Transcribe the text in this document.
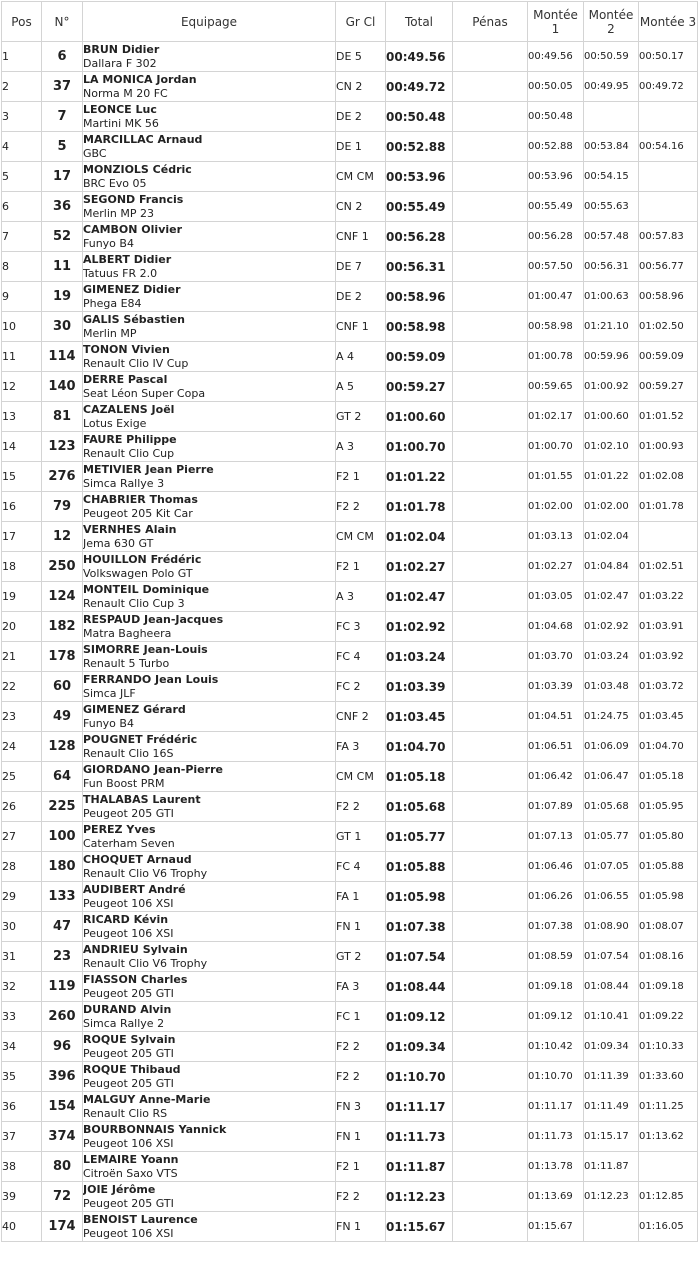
Pos	N°	Equipage	Gr Cl	Total	Pénas	Montée 1	Montée 2	Montée 3
1	6	BRUN Didier
Dallara F 302	DE 5	00:49.56		00:49.56	00:50.59	00:50.17
2	37	LA MONICA Jordan
Norma M 20 FC	CN 2	00:49.72		00:50.05	00:49.95	00:49.72
3	7	LEONCE Luc
Martini MK 56	DE 2	00:50.48		00:50.48		
4	5	MARCILLAC Arnaud
GBC	DE 1	00:52.88		00:52.88	00:53.84	00:54.16
5	17	MONZIOLS Cédric
BRC Evo 05	CM CM	00:53.96		00:53.96	00:54.15	
6	36	SEGOND Francis
Merlin MP 23	CN 2	00:55.49		00:55.49	00:55.63	
7	52	CAMBON Olivier
Funyo B4	CNF 1	00:56.28		00:56.28	00:57.48	00:57.83
8	11	ALBERT Didier
Tatuus FR 2.0	DE 7	00:56.31		00:57.50	00:56.31	00:56.77
9	19	GIMENEZ Didier
Phega E84	DE 2	00:58.96		01:00.47	01:00.63	00:58.96
10	30	GALIS Sébastien
Merlin MP	CNF 1	00:58.98		00:58.98	01:21.10	01:02.50
11	114	TONON Vivien
Renault Clio IV Cup	A 4	00:59.09		01:00.78	00:59.96	00:59.09
12	140	DERRE Pascal
Seat Léon Super Copa	A 5	00:59.27		00:59.65	01:00.92	00:59.27
13	81	CAZALENS Joël
Lotus Exige	GT 2	01:00.60		01:02.17	01:00.60	01:01.52
14	123	FAURE Philippe
Renault Clio Cup	A 3	01:00.70		01:00.70	01:02.10	01:00.93
15	276	METIVIER Jean Pierre
Simca Rallye 3	F2 1	01:01.22		01:01.55	01:01.22	01:02.08
16	79	CHABRIER Thomas
Peugeot 205 Kit Car	F2 2	01:01.78		01:02.00	01:02.00	01:01.78
17	12	VERNHES Alain
Jema 630 GT	CM CM	01:02.04		01:03.13	01:02.04	
18	250	HOUILLON Frédéric
Volkswagen Polo GT	F2 1	01:02.27		01:02.27	01:04.84	01:02.51
19	124	MONTEIL Dominique
Renault Clio Cup 3	A 3	01:02.47		01:03.05	01:02.47	01:03.22
20	182	RESPAUD Jean-Jacques
Matra Bagheera	FC 3	01:02.92		01:04.68	01:02.92	01:03.91
21	178	SIMORRE Jean-Louis
Renault 5 Turbo	FC 4	01:03.24		01:03.70	01:03.24	01:03.92
22	60	FERRANDO Jean Louis
Simca JLF	FC 2	01:03.39		01:03.39	01:03.48	01:03.72
23	49	GIMENEZ Gérard
Funyo B4	CNF 2	01:03.45		01:04.51	01:24.75	01:03.45
24	128	POUGNET Frédéric
Renault Clio 16S	FA 3	01:04.70		01:06.51	01:06.09	01:04.70
25	64	GIORDANO Jean-Pierre
Fun Boost PRM	CM CM	01:05.18		01:06.42	01:06.47	01:05.18
26	225	THALABAS Laurent
Peugeot 205 GTI	F2 2	01:05.68		01:07.89	01:05.68	01:05.95
27	100	PEREZ Yves
Caterham Seven	GT 1	01:05.77		01:07.13	01:05.77	01:05.80
28	180	CHOQUET Arnaud
Renault Clio V6 Trophy	FC 4	01:05.88		01:06.46	01:07.05	01:05.88
29	133	AUDIBERT André
Peugeot 106 XSI	FA 1	01:05.98		01:06.26	01:06.55	01:05.98
30	47	RICARD Kévin
Peugeot 106 XSI	FN 1	01:07.38		01:07.38	01:08.90	01:08.07
31	23	ANDRIEU Sylvain
Renault Clio V6 Trophy	GT 2	01:07.54		01:08.59	01:07.54	01:08.16
32	119	FIASSON Charles
Peugeot 205 GTI	FA 3	01:08.44		01:09.18	01:08.44	01:09.18
33	260	DURAND Alvin
Simca Rallye 2	FC 1	01:09.12		01:09.12	01:10.41	01:09.22
34	96	ROQUE Sylvain
Peugeot 205 GTI	F2 2	01:09.34		01:10.42	01:09.34	01:10.33
35	396	ROQUE Thibaud
Peugeot 205 GTI	F2 2	01:10.70		01:10.70	01:11.39	01:33.60
36	154	MALGUY Anne-Marie
Renault Clio RS	FN 3	01:11.17		01:11.17	01:11.49	01:11.25
37	374	BOURBONNAIS Yannick
Peugeot 106 XSI	FN 1	01:11.73		01:11.73	01:15.17	01:13.62
38	80	LEMAIRE Yoann
Citroën Saxo VTS	F2 1	01:11.87		01:13.78	01:11.87	
39	72	JOIE Jérôme
Peugeot 205 GTI	F2 2	01:12.23		01:13.69	01:12.23	01:12.85
40	174	BENOIST Laurence
Peugeot 106 XSI	FN 1	01:15.67		01:15.67		01:16.05
